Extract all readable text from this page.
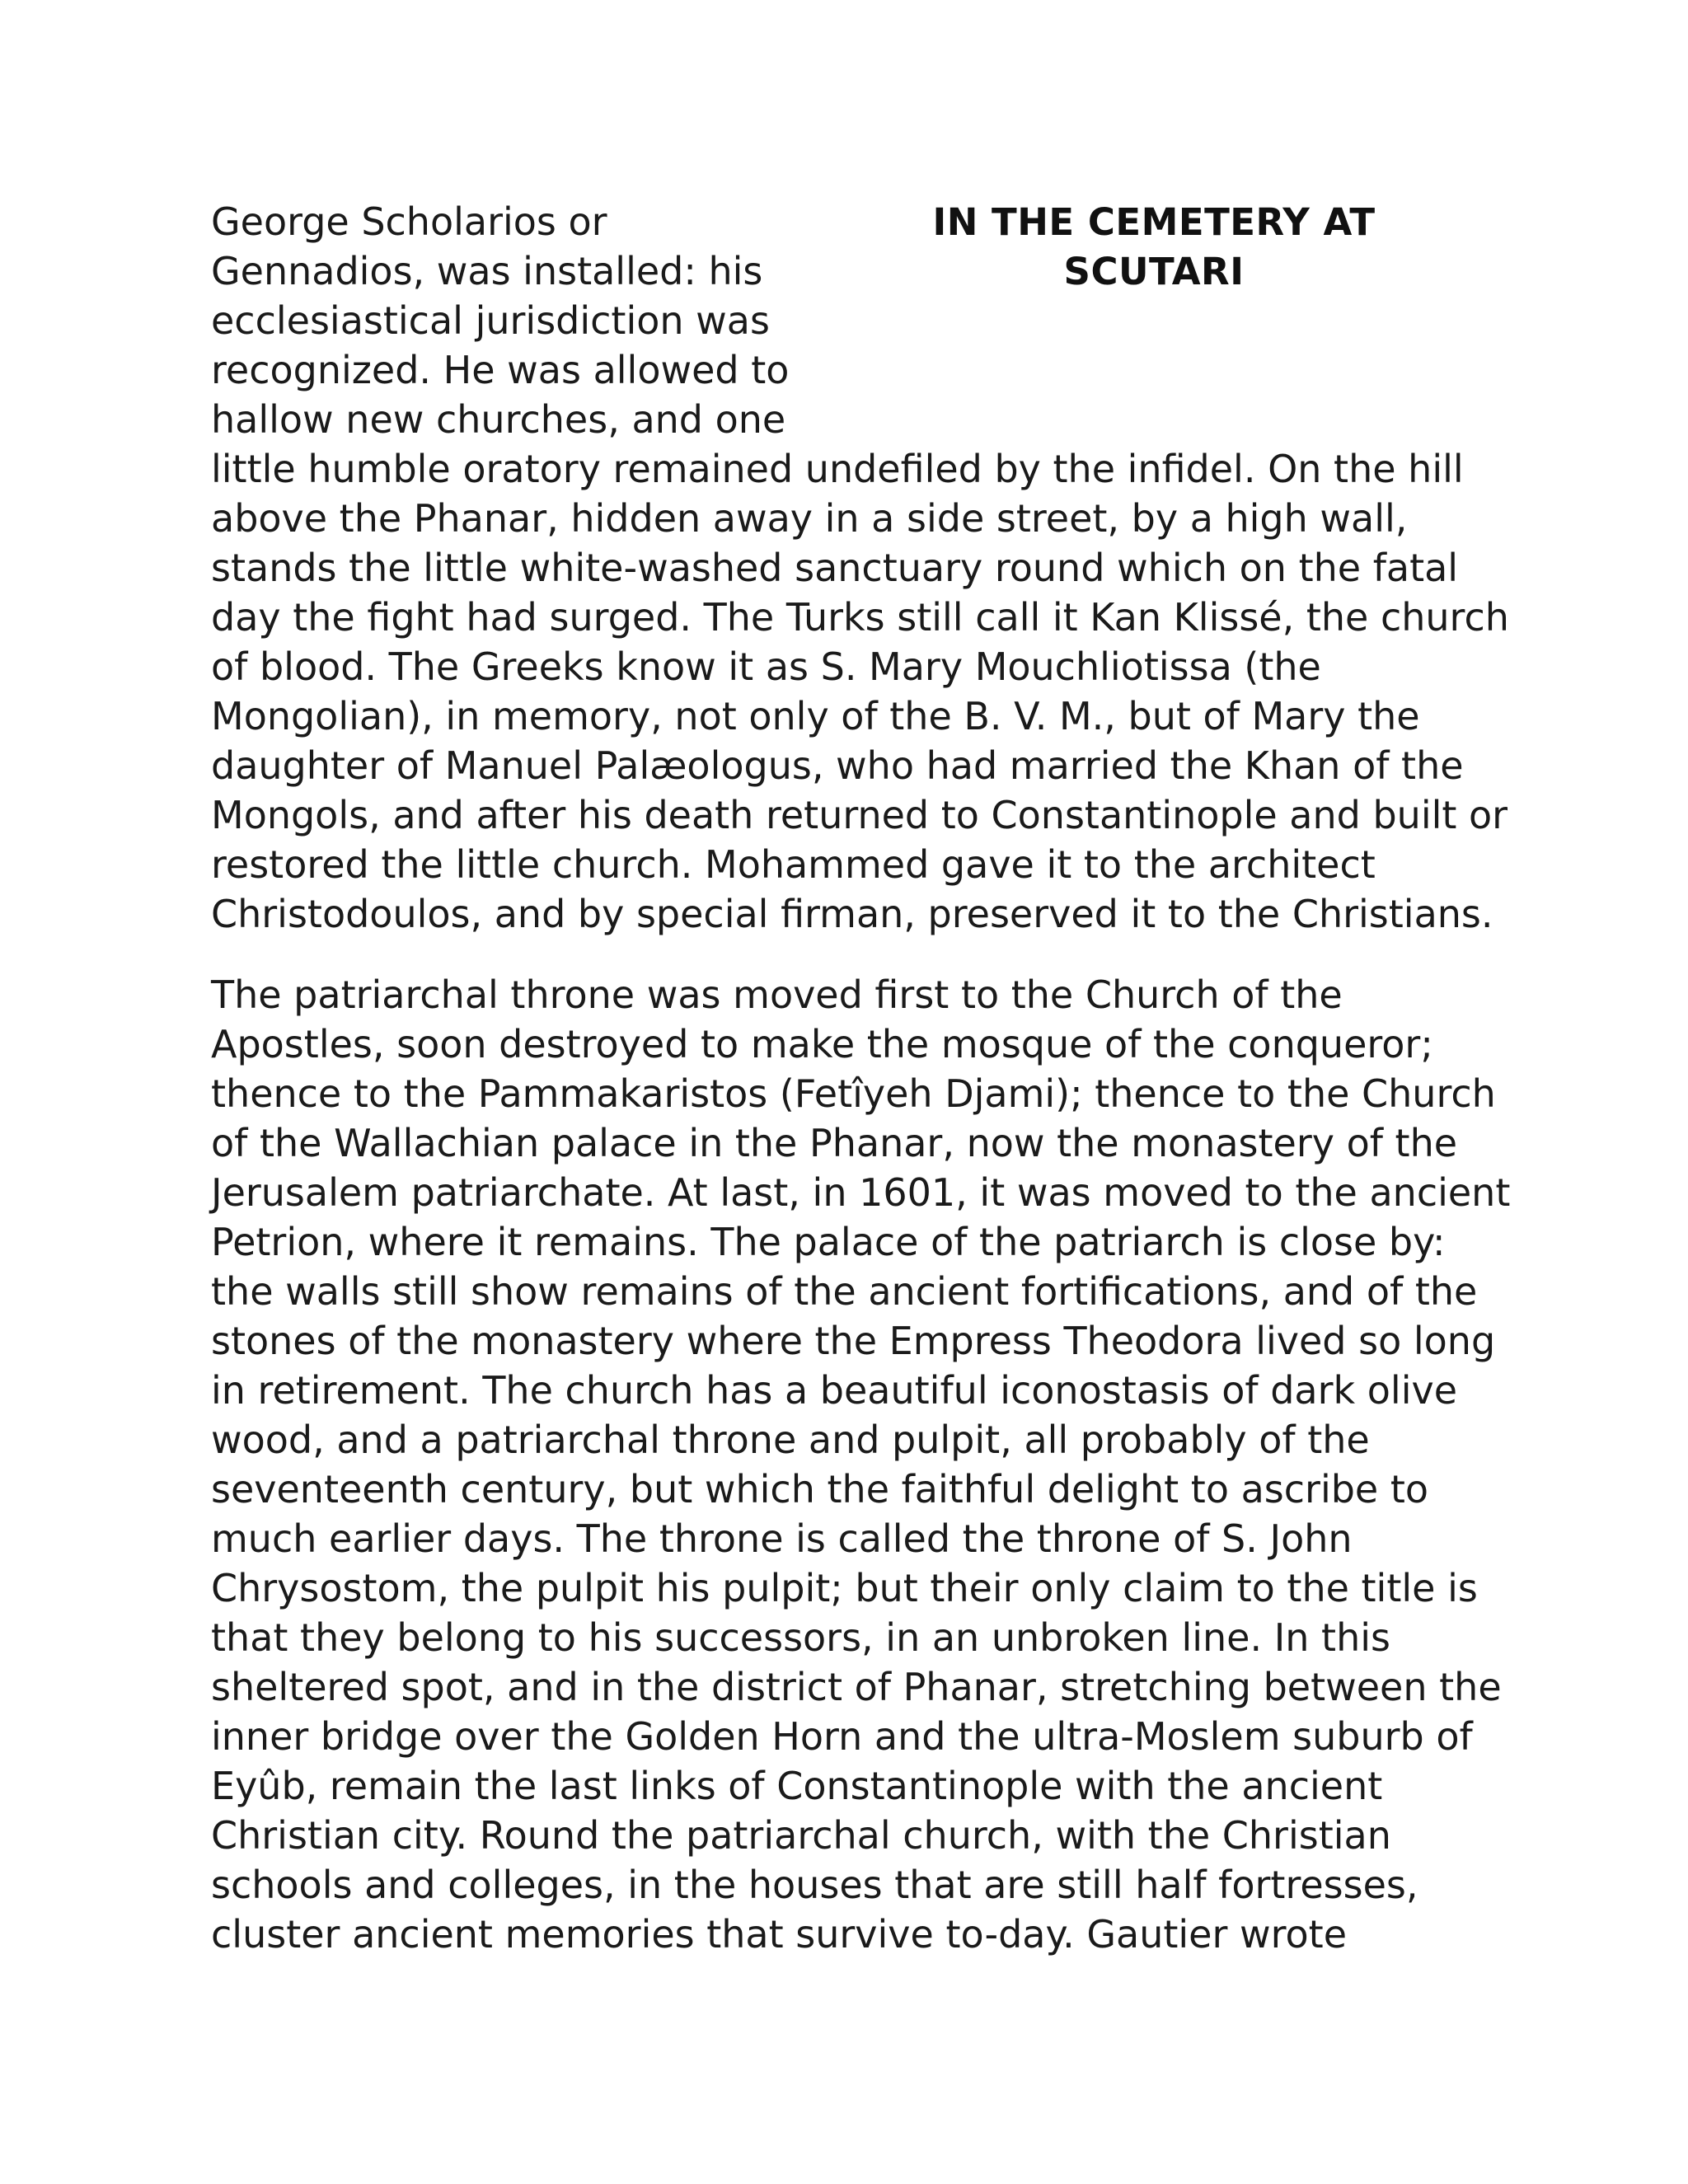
IN THE CEMETERY AT
SCUTARI
George Scholarios or
Gennadios, was installed: his
ecclesiastical jurisdiction was
recognized. He was allowed to
hallow new churches, and one
little humble oratory remained undefiled by the infidel. On the hill
above the Phanar, hidden away in a side street, by a high wall,
stands the little white-washed sanctuary round which on the fatal
day the fight had surged. The Turks still call it Kan Klissé, the church
of blood. The Greeks know it as S. Mary Mouchliotissa (the
Mongolian), in memory, not only of the B. V. M., but of Mary the
daughter of Manuel Palæologus, who had married the Khan of the
Mongols, and after his death returned to Constantinople and built or
restored the little church. Mohammed gave it to the architect
Christodoulos, and by special firman, preserved it to the Christians.
The patriarchal throne was moved first to the Church of the
Apostles, soon destroyed to make the mosque of the conqueror;
thence to the Pammakaristos (Fetîyeh Djami); thence to the Church
of the Wallachian palace in the Phanar, now the monastery of the
Jerusalem patriarchate. At last, in 1601, it was moved to the ancient
Petrion, where it remains. The palace of the patriarch is close by:
the walls still show remains of the ancient fortifications, and of the
stones of the monastery where the Empress Theodora lived so long
in retirement. The church has a beautiful iconostasis of dark olive
wood, and a patriarchal throne and pulpit, all probably of the
seventeenth century, but which the faithful delight to ascribe to
much earlier days. The throne is called the throne of S. John
Chrysostom, the pulpit his pulpit; but their only claim to the title is
that they belong to his successors, in an unbroken line. In this
sheltered spot, and in the district of Phanar, stretching between the
inner bridge over the Golden Horn and the ultra-Moslem suburb of
Eyûb, remain the last links of Constantinople with the ancient
Christian city. Round the patriarchal church, with the Christian
schools and colleges, in the houses that are still half fortresses,
cluster ancient memories that survive to-day. Gautier wrote
